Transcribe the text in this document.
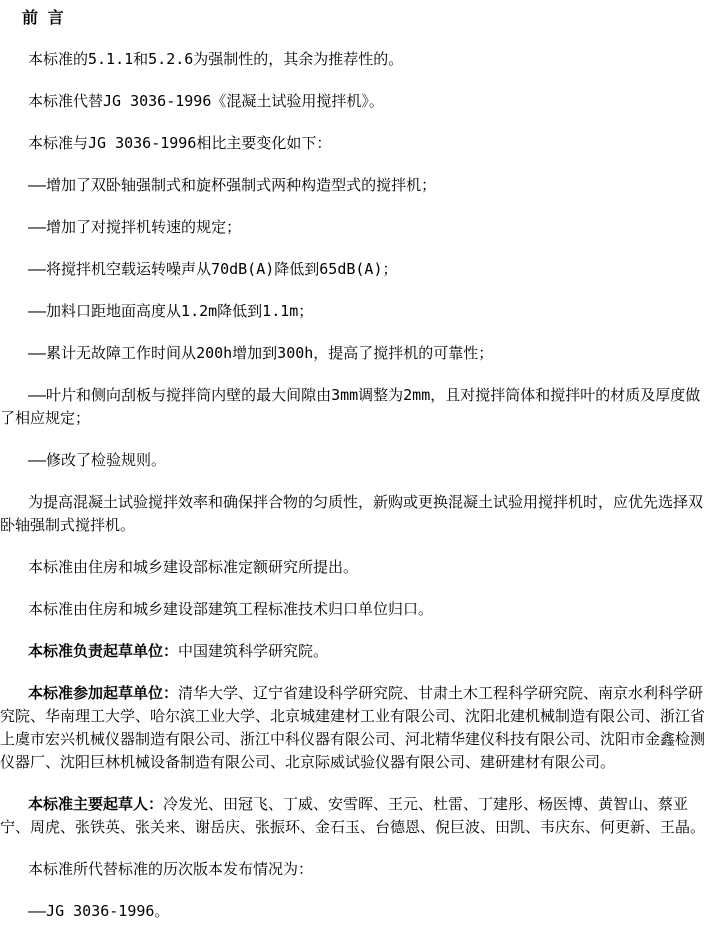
前 言

本标准的5.1.1和5.2.6为强制性的，其余为推荐性的。

本标准代替JG 3036-1996《混凝土试验用搅拌机》。

本标准与JG 3036-1996相比主要变化如下：

——增加了双卧轴强制式和旋杯强制式两种构造型式的搅拌机；

——增加了对搅拌机转速的规定；

——将搅拌机空载运转噪声从70dB(A)降低到65dB(A)；

——加料口距地面高度从1.2m降低到1.1m；

——累计无故障工作时间从200h增加到300h，提高了搅拌机的可靠性；

——叶片和侧向刮板与搅拌筒内壁的最大间隙由3mm调整为2mm，且对搅拌筒体和搅拌叶的材质及厚度做了相应规定；

——修改了检验规则。

为提高混凝土试验搅拌效率和确保拌合物的匀质性，新购或更换混凝土试验用搅拌机时，应优先选择双卧轴强制式搅拌机。

本标准由住房和城乡建设部标准定额研究所提出。

本标准由住房和城乡建设部建筑工程标准技术归口单位归口。

本标准负责起草单位：中国建筑科学研究院。

本标准参加起草单位：清华大学、辽宁省建设科学研究院、甘肃土木工程科学研究院、南京水利科学研究院、华南理工大学、哈尔滨工业大学、北京城建建材工业有限公司、沈阳北建机械制造有限公司、浙江省上虞市宏兴机械仪器制造有限公司、浙江中科仪器有限公司、河北精华建仪科技有限公司、沈阳市金鑫检测仪器厂、沈阳巨林机械设备制造有限公司、北京际威试验仪器有限公司、建研建材有限公司。

本标准主要起草人：冷发光、田冠飞、丁威、安雪晖、王元、杜雷、丁建彤、杨医博、黄智山、蔡亚宁、周虎、张铁英、张关来、谢岳庆、张振环、金石玉、台德恩、倪巨波、田凯、韦庆东、何更新、王晶。

本标准所代替标准的历次版本发布情况为：

——JG 3036-1996。
